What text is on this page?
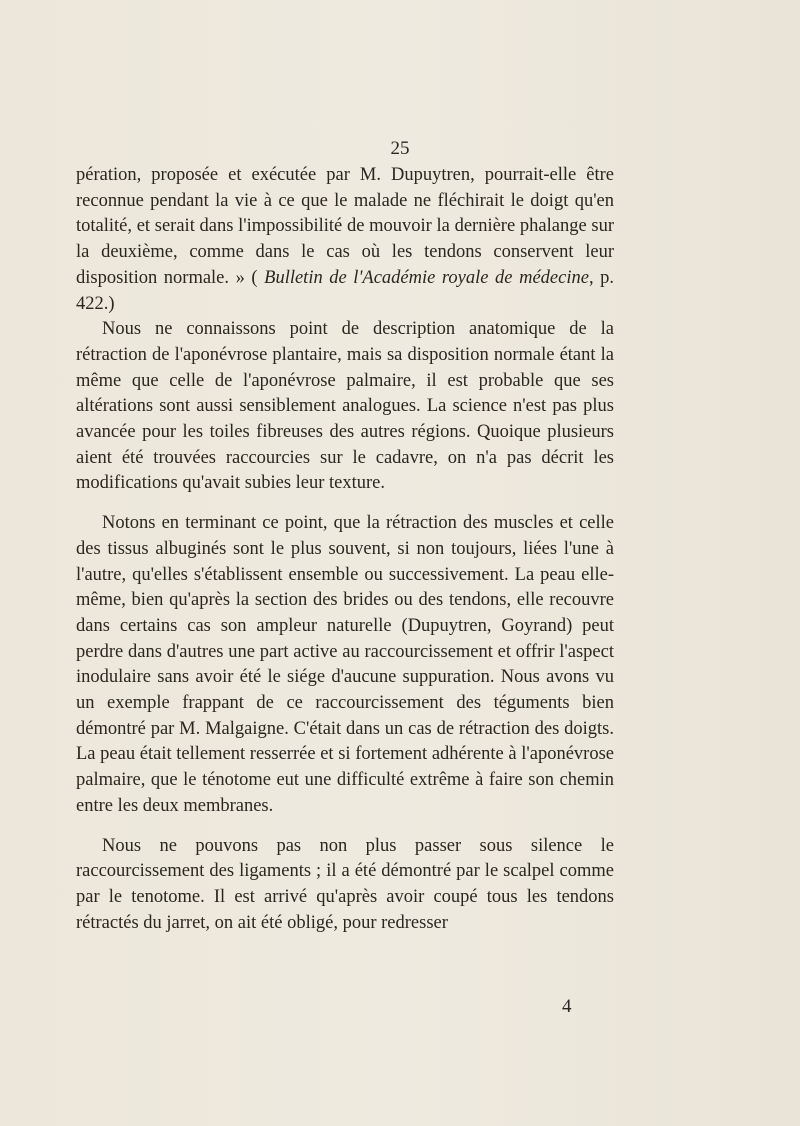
25

pération, proposée et exécutée par M. Dupuytren, pourrait-elle être reconnue pendant la vie à ce que le malade ne fléchirait le doigt qu'en totalité, et serait dans l'impossibilité de mouvoir la dernière phalange sur la deuxième, comme dans le cas où les tendons conservent leur disposition normale. » ( Bulletin de l'Académie royale de médecine, p. 422.)

Nous ne connaissons point de description anatomique de la rétraction de l'aponévrose plantaire, mais sa disposition normale étant la même que celle de l'aponévrose palmaire, il est probable que ses altérations sont aussi sensiblement analogues. La science n'est pas plus avancée pour les toiles fibreuses des autres régions. Quoique plusieurs aient été trouvées raccourcies sur le cadavre, on n'a pas décrit les modifications qu'avait subies leur texture.

Notons en terminant ce point, que la rétraction des muscles et celle des tissus albuginés sont le plus souvent, si non toujours, liées l'une à l'autre, qu'elles s'établissent ensemble ou successivement. La peau elle-même, bien qu'après la section des brides ou des tendons, elle recouvre dans certains cas son ampleur naturelle (Dupuytren, Goyrand) peut perdre dans d'autres une part active au raccourcissement et offrir l'aspect inodulaire sans avoir été le siége d'aucune suppuration. Nous avons vu un exemple frappant de ce raccourcissement des téguments bien démontré par M. Malgaigne. C'était dans un cas de rétraction des doigts. La peau était tellement resserrée et si fortement adhérente à l'aponévrose palmaire, que le ténotome eut une difficulté extrême à faire son chemin entre les deux membranes.

Nous ne pouvons pas non plus passer sous silence le raccourcissement des ligaments ; il a été démontré par le scalpel comme par le tenotome. Il est arrivé qu'après avoir coupé tous les tendons rétractés du jarret, on ait été obligé, pour redresser

4
